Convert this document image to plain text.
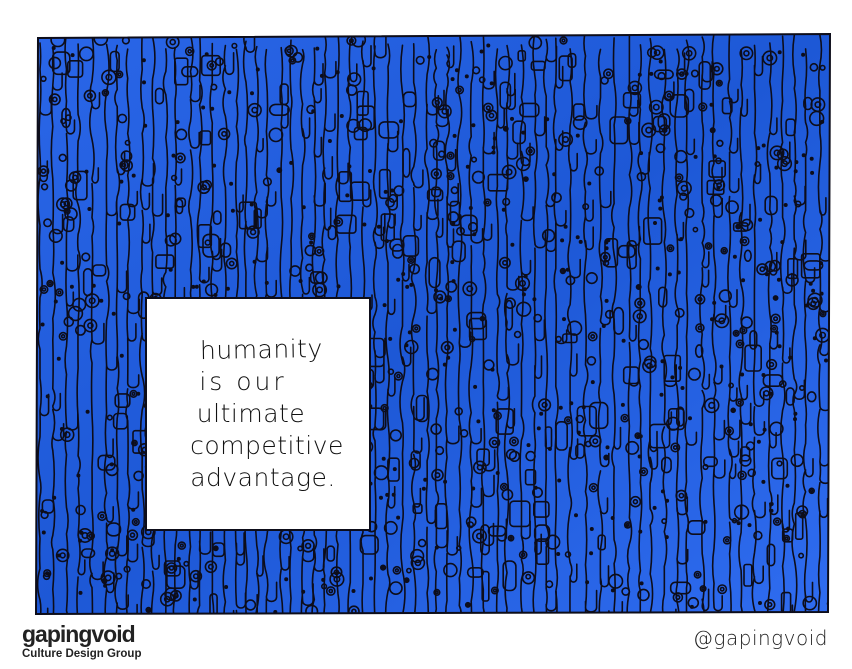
humanity
is our
ultimate
competitive
advantage.
gapingvoid
Culture Design Group
@gapingvoid
